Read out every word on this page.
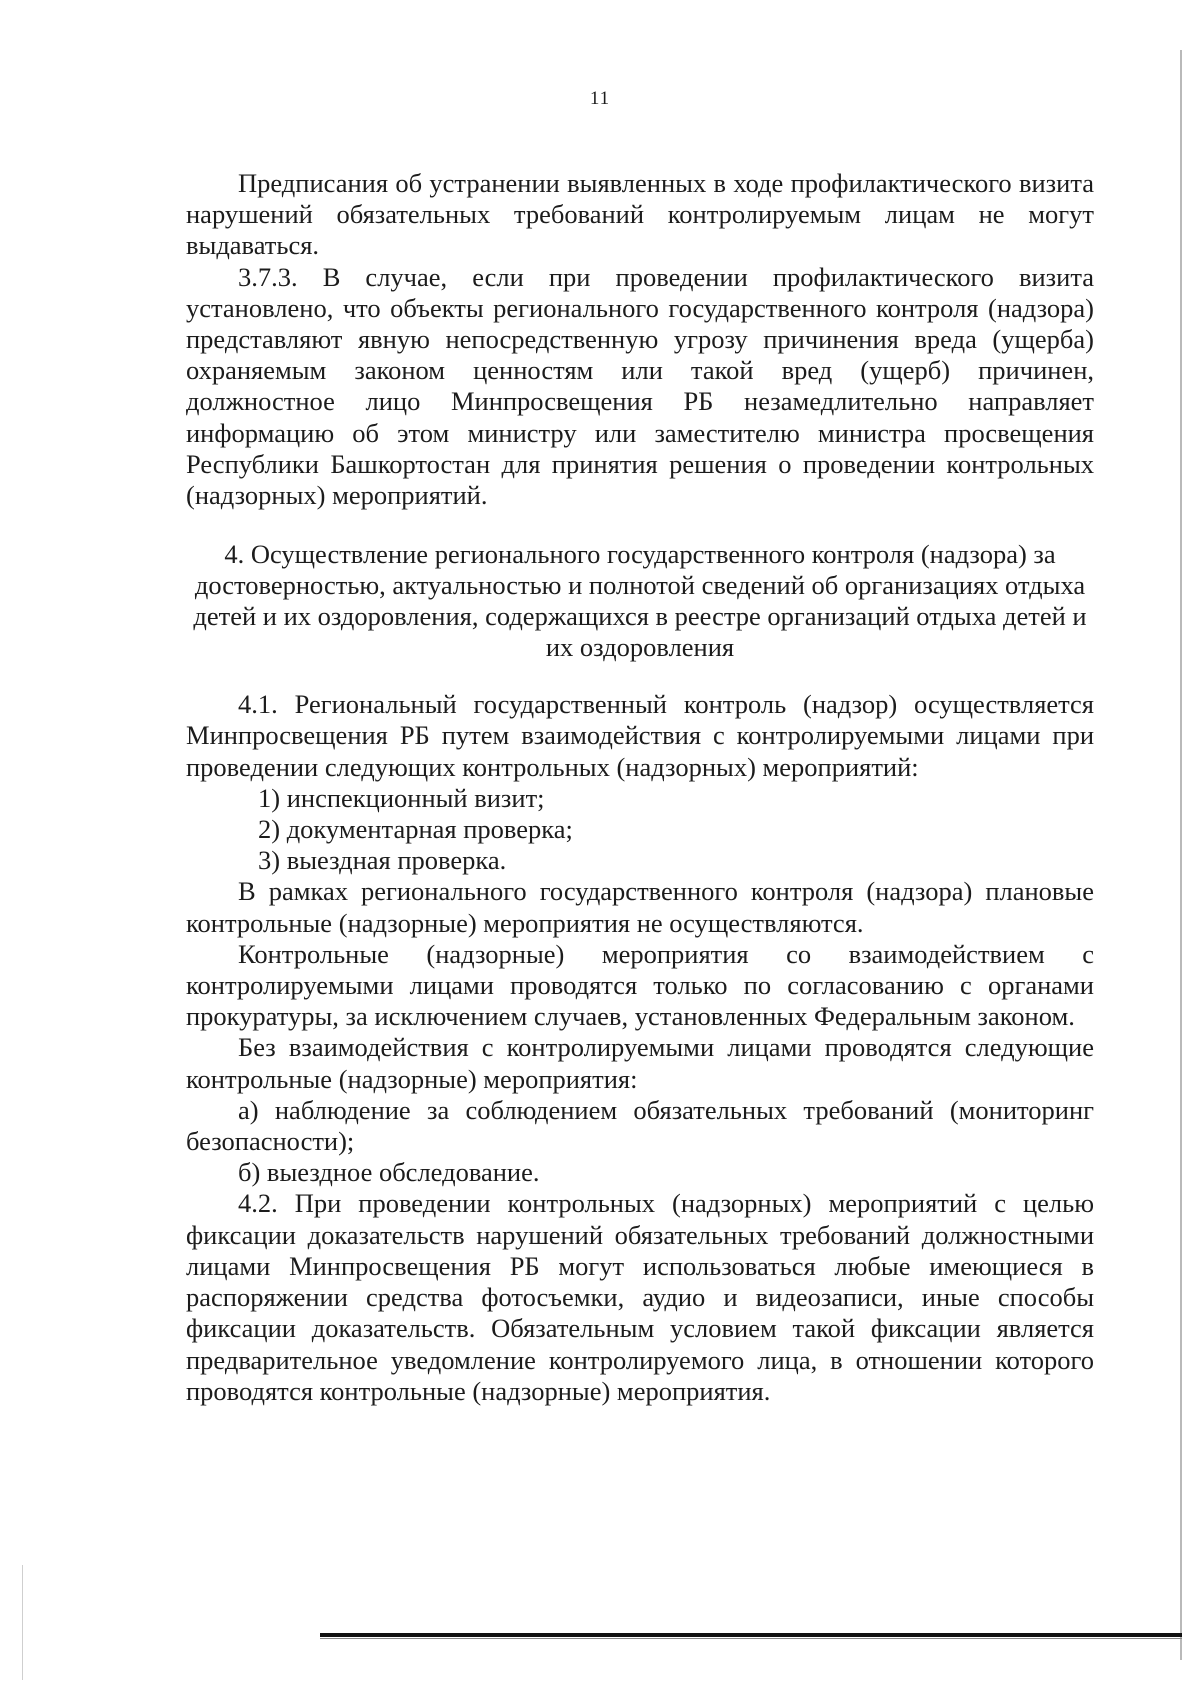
11

Предписания об устранении выявленных в ходе профилактического визита нарушений обязательных требований контролируемым лицам не могут выдаваться.

3.7.3. В случае, если при проведении профилактического визита установлено, что объекты регионального государственного контроля (надзора) представляют явную непосредственную угрозу причинения вреда (ущерба) охраняемым законом ценностям или такой вред (ущерб) причинен, должностное лицо Минпросвещения РБ незамедлительно направляет информацию об этом министру или заместителю министра просвещения Республики Башкортостан для принятия решения о проведении контрольных (надзорных) мероприятий.

4. Осуществление регионального государственного контроля (надзора) за достоверностью, актуальностью и полнотой сведений об организациях отдыха детей и их оздоровления, содержащихся в реестре организаций отдыха детей и их оздоровления

4.1. Региональный государственный контроль (надзор) осуществляется Минпросвещения РБ путем взаимодействия с контролируемыми лицами при проведении следующих контрольных (надзорных) мероприятий:

1) инспекционный визит;
2) документарная проверка;
3) выездная проверка.

В рамках регионального государственного контроля (надзора) плановые контрольные (надзорные) мероприятия не осуществляются.

Контрольные (надзорные) мероприятия со взаимодействием с контролируемыми лицами проводятся только по согласованию с органами прокуратуры, за исключением случаев, установленных Федеральным законом.

Без взаимодействия с контролируемыми лицами проводятся следующие контрольные (надзорные) мероприятия:

а) наблюдение за соблюдением обязательных требований (мониторинг безопасности);

б) выездное обследование.

4.2. При проведении контрольных (надзорных) мероприятий с целью фиксации доказательств нарушений обязательных требований должностными лицами Минпросвещения РБ могут использоваться любые имеющиеся в распоряжении средства фотосъемки, аудио и видеозаписи, иные способы фиксации доказательств. Обязательным условием такой фиксации является предварительное уведомление контролируемого лица, в отношении которого проводятся контрольные (надзорные) мероприятия.
